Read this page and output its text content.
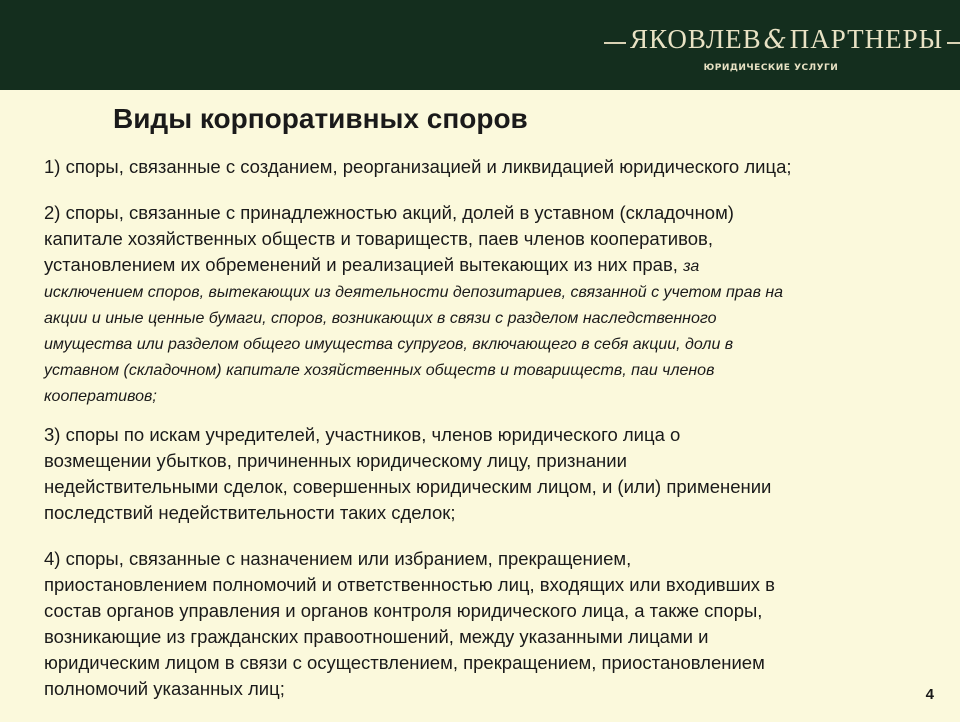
ЯКОВЛЕВ&ПАРТНЕРЫ
ЮРИДИЧЕСКИЕ УСЛУГИ
Виды корпоративных споров

1) споры, связанные с созданием, реорганизацией и ликвидацией юридического лица;

2) споры, связанные с принадлежностью акций, долей в уставном (складочном)
капитале хозяйственных обществ и товариществ, паев членов кооперативов,
установлением их обременений и реализацией вытекающих из них прав, за
исключением споров, вытекающих из деятельности депозитариев, связанной с учетом прав на
акции и иные ценные бумаги, споров, возникающих в связи с разделом наследственного
имущества или разделом общего имущества супругов, включающего в себя акции, доли в
уставном (складочном) капитале хозяйственных обществ и товариществ, паи членов
кооперативов;

3) споры по искам учредителей, участников, членов юридического лица о
возмещении убытков, причиненных юридическому лицу, признании
недействительными сделок, совершенных юридическим лицом, и (или) применении
последствий недействительности таких сделок;

4) споры, связанные с назначением или избранием, прекращением,
приостановлением полномочий и ответственностью лиц, входящих или входивших в
состав органов управления и органов контроля юридического лица, а также споры,
возникающие из гражданских правоотношений, между указанными лицами и
юридическим лицом в связи с осуществлением, прекращением, приостановлением
полномочий указанных лиц;	4
